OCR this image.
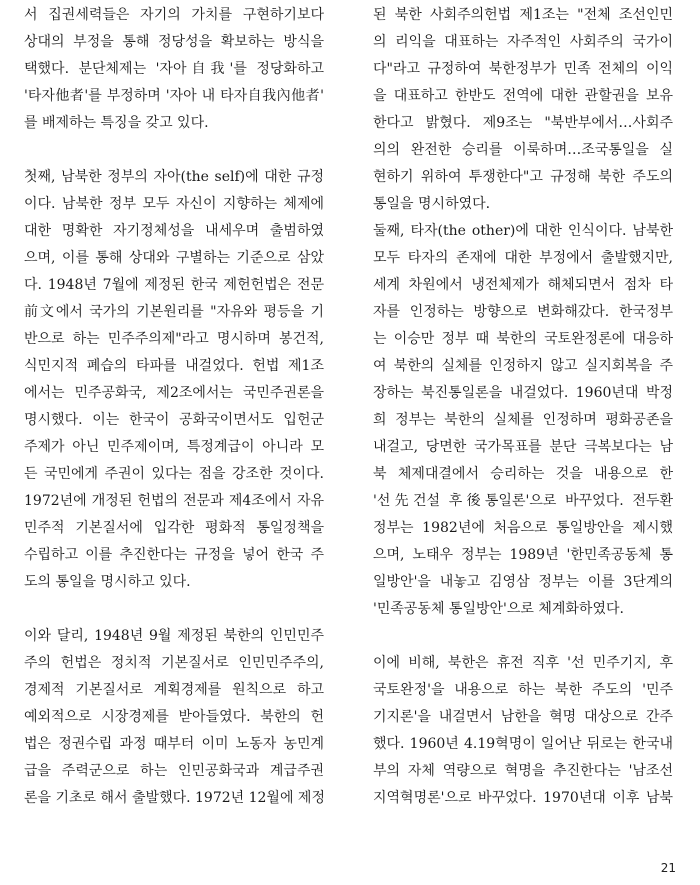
서 집권세력들은 자기의 가치를 구현하기보다
상대의 부정을 통해 정당성을 확보하는 방식을
택했다. 분단체제는 '자아自我'를 정당화하고
'타자他者'를 부정하며 '자아 내 타자自我內他者'
를 배제하는 특징을 갖고 있다.
첫째, 남북한 정부의 자아(the self)에 대한 규정
이다. 남북한 정부 모두 자신이 지향하는 체제에
대한 명확한 자기정체성을 내세우며 출범하였
으며, 이를 통해 상대와 구별하는 기준으로 삼았
다. 1948년 7월에 제정된 한국 제헌헌법은 전문
前文에서 국가의 기본원리를 "자유와 평등을 기
반으로 하는 민주주의제"라고 명시하며 봉건적,
식민지적 폐습의 타파를 내걸었다. 헌법 제1조
에서는 민주공화국, 제2조에서는 국민주권론을
명시했다. 이는 한국이 공화국이면서도 입헌군
주제가 아닌 민주제이며, 특정계급이 아니라 모
든 국민에게 주권이 있다는 점을 강조한 것이다.
1972년에 개정된 헌법의 전문과 제4조에서 자유
민주적 기본질서에 입각한 평화적 통일정책을
수립하고 이를 추진한다는 규정을 넣어 한국 주
도의 통일을 명시하고 있다.
이와 달리, 1948년 9월 제정된 북한의 인민민주
주의 헌법은 정치적 기본질서로 인민민주주의,
경제적 기본질서로 계획경제를 원칙으로 하고
예외적으로 시장경제를 받아들였다. 북한의 헌
법은 정권수립 과정 때부터 이미 노동자 농민계
급을 주력군으로 하는 인민공화국과 계급주권
론을 기초로 해서 출발했다. 1972년 12월에 제정
된 북한 사회주의헌법 제1조는 "전체 조선인민
의 리익을 대표하는 자주적인 사회주의 국가이
다"라고 규정하여 북한정부가 민족 전체의 이익
을 대표하고 한반도 전역에 대한 관할권을 보유
한다고 밝혔다. 제9조는 "북반부에서…사회주
의의 완전한 승리를 이룩하며…조국통일을 실
현하기 위하여 투쟁한다"고 규정해 북한 주도의
통일을 명시하였다.
둘째, 타자(the other)에 대한 인식이다. 남북한
모두 타자의 존재에 대한 부정에서 출발했지만,
세계 차원에서 냉전체제가 해체되면서 점차 타
자를 인정하는 방향으로 변화해갔다. 한국정부
는 이승만 정부 때 북한의 국토완정론에 대응하
여 북한의 실체를 인정하지 않고 실지회복을 주
장하는 북진통일론을 내걸었다. 1960년대 박정
희 정부는 북한의 실체를 인정하며 평화공존을
내걸고, 당면한 국가목표를 분단 극복보다는 남
북 체제대결에서 승리하는 것을 내용으로 한
'선先건설 후後통일론'으로 바꾸었다. 전두환
정부는 1982년에 처음으로 통일방안을 제시했
으며, 노태우 정부는 1989년 '한민족공동체 통
일방안'을 내놓고 김영삼 정부는 이를 3단계의
'민족공동체 통일방안'으로 체계화하였다.
이에 비해, 북한은 휴전 직후 '선 민주기지, 후
국토완정'을 내용으로 하는 북한 주도의 '민주
기지론'을 내걸면서 남한을 혁명 대상으로 간주
했다. 1960년 4.19혁명이 일어난 뒤로는 한국내
부의 자체 역량으로 혁명을 추진한다는 '남조선
지역혁명론'으로 바꾸었다. 1970년대 이후 남북
21
